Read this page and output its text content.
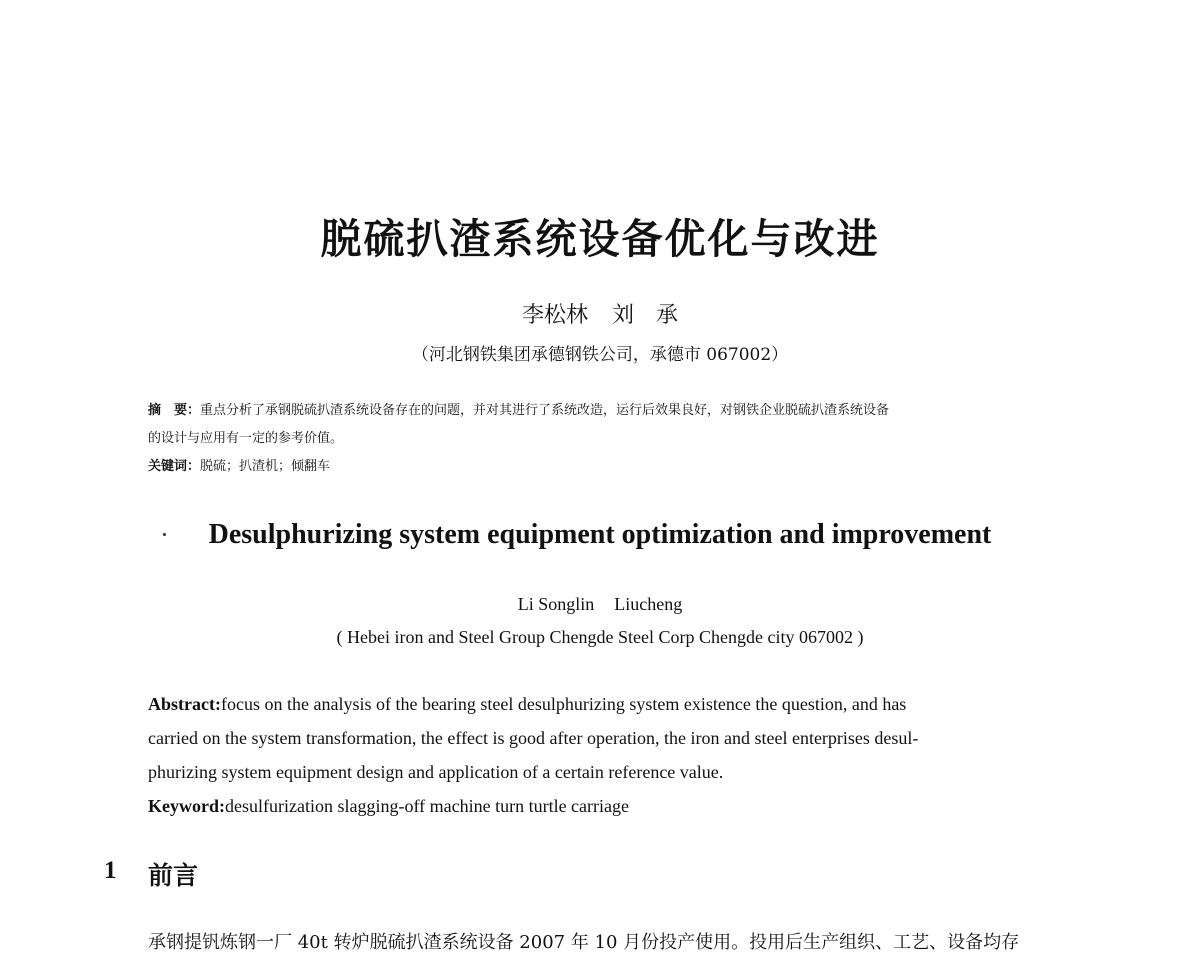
脱硫扒渣系统设备优化与改进
李松林 刘　承
（河北钢铁集团承德钢铁公司，承德市 067002）
摘　要：重点分析了承钢脱硫扒渣系统设备存在的问题，并对其进行了系统改造，运行后效果良好，对钢铁企业脱硫扒渣系统设备
的设计与应用有一定的参考价值。
关键词：脱硫；扒渣机；倾翻车
Desulphurizing system equipment optimization and improvement
Li Songlin Liucheng
( Hebei iron and Steel Group Chengde Steel Corp Chengde city 067002 )
Abstract:focus on the analysis of the bearing steel desulphurizing system existence the question, and has
carried on the system transformation, the effect is good after operation, the iron and steel enterprises desul-
phurizing system equipment design and application of a certain reference value.
Keyword:desulfurization slagging-off machine turn turtle carriage
1 前言
承钢提钒炼钢一厂 40t 转炉脱硫扒渣系统设备 2007 年 10 月份投产使用。投用后生产组织、工艺、设备均存
